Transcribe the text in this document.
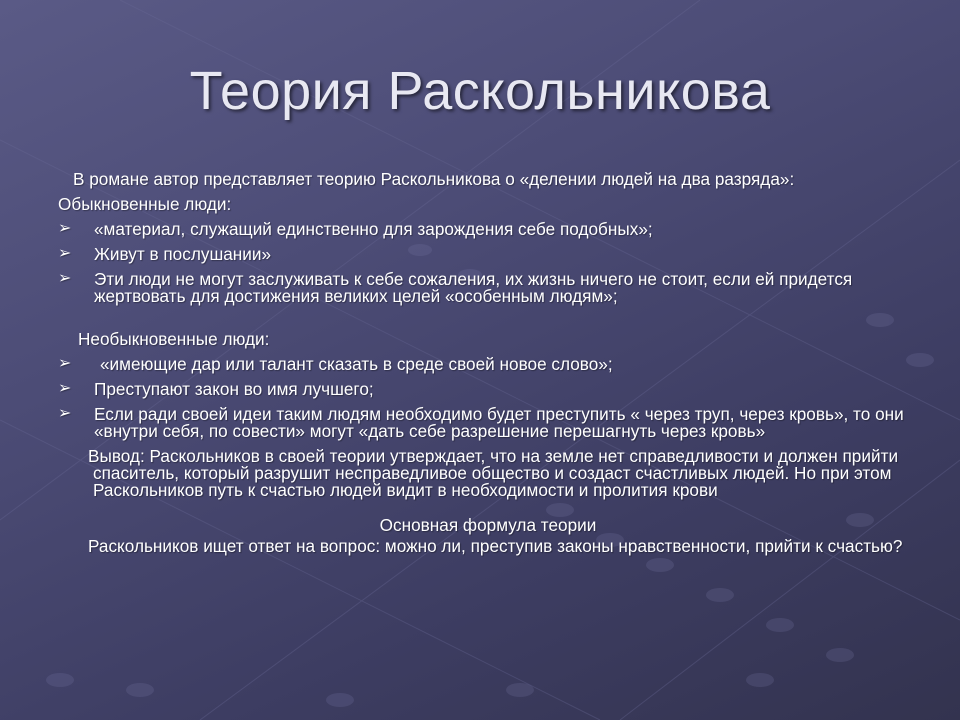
Теория Раскольникова
В романе автор представляет теорию Раскольникова о «делении людей на два разряда»:
Обыкновенные люди:
➢	«материал, служащий единственно для зарождения себе подобных»;
➢	Живут в послушании»
➢	Эти люди не могут заслуживать к себе сожаления, их жизнь ничего не стоит, если ей придется жертвовать для достижения великих целей «особенным людям»;
Необыкновенные люди:
➢	«имеющие дар или талант сказать в среде своей новое слово»;
➢	Преступают закон во имя лучшего;
➢	Если ради своей идеи таким людям необходимо будет преступить « через труп, через кровь», то они «внутри себя, по совести» могут «дать себе разрешение перешагнуть через кровь»
Вывод: Раскольников в своей теории утверждает, что на земле нет справедливости и должен прийти спаситель, который разрушит несправедливое общество и создаст счастливых людей. Но при этом Раскольников путь к счастью людей видит в необходимости и пролития крови
Основная формула теории
Раскольников ищет ответ на вопрос: можно ли, преступив законы нравственности, прийти к счастью?
